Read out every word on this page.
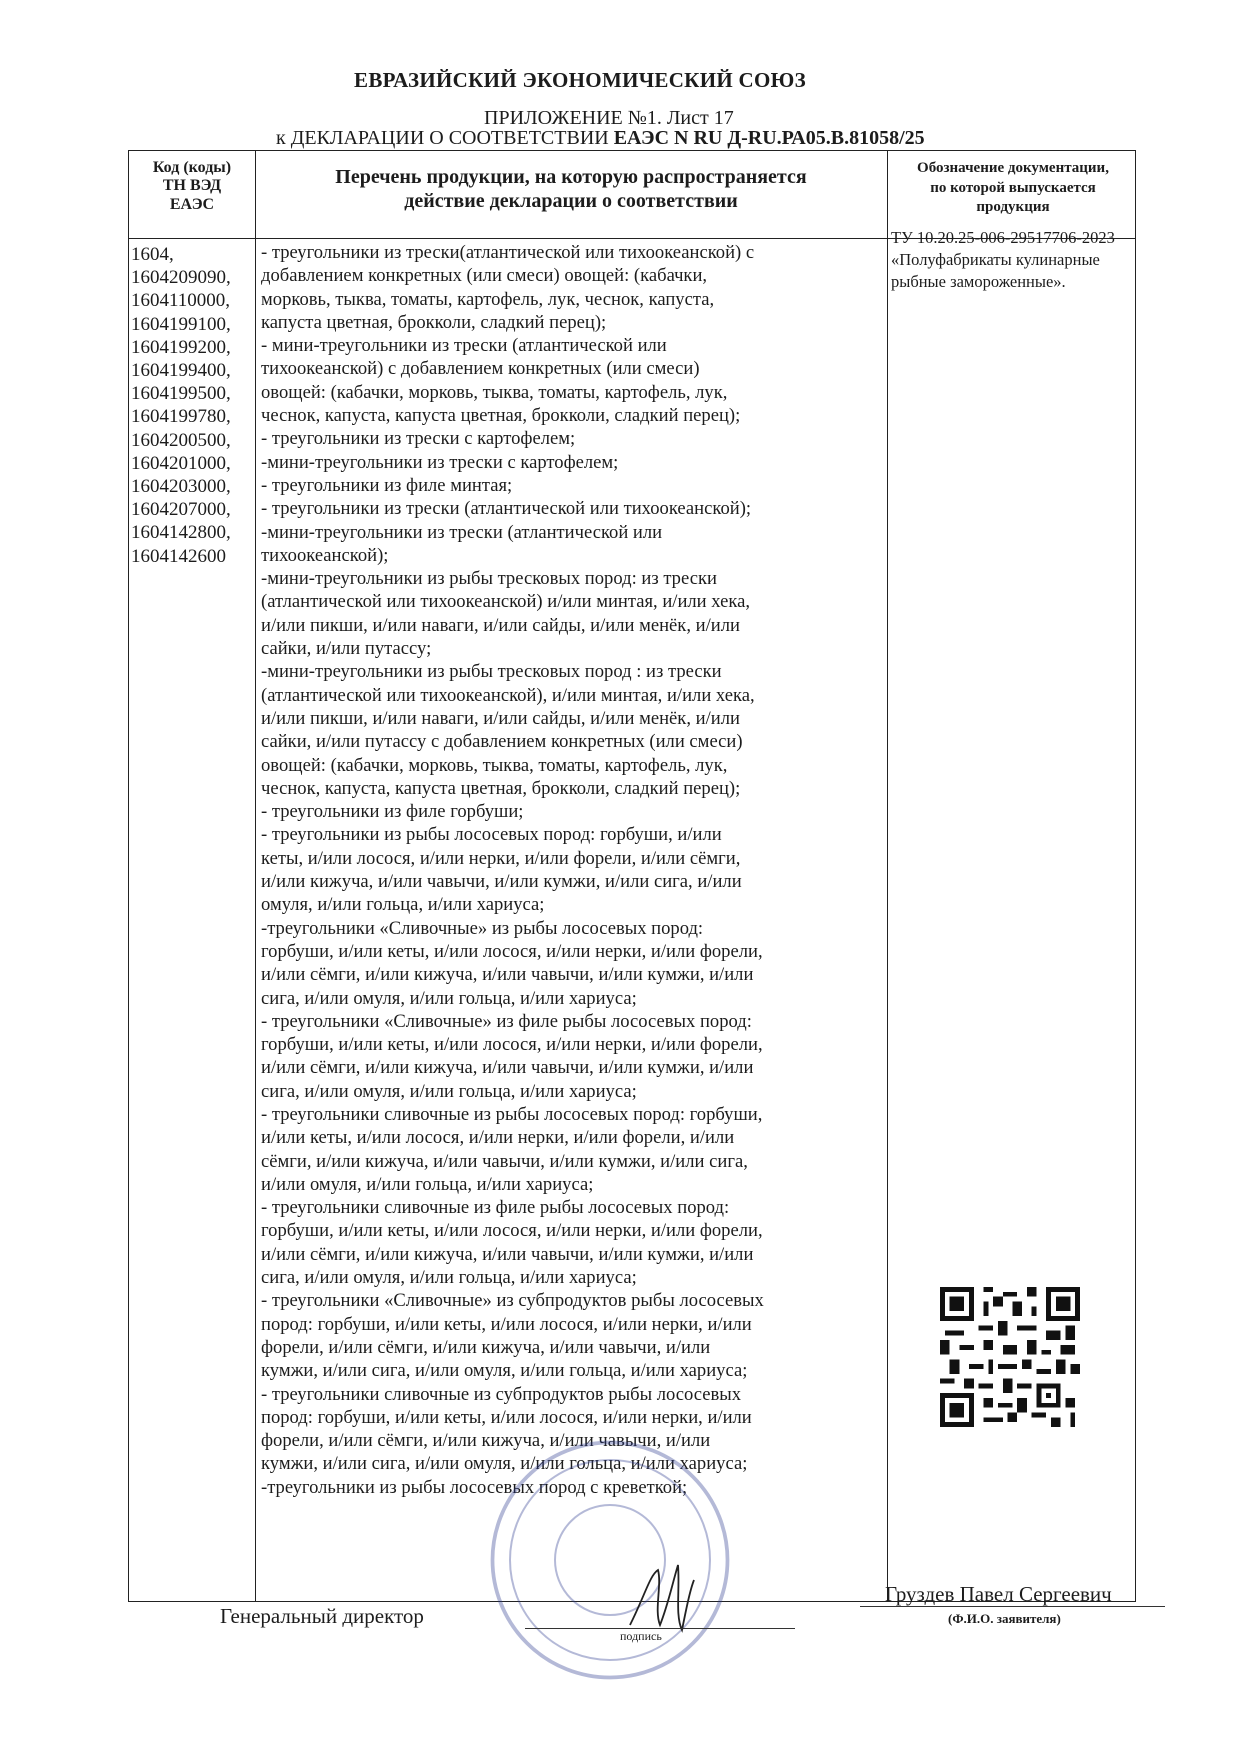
ЕВРАЗИЙСКИЙ ЭКОНОМИЧЕСКИЙ СОЮЗ
ПРИЛОЖЕНИЕ №1. Лист 17
к ДЕКЛАРАЦИИ О СООТВЕТСТВИИ ЕАЭС N RU Д-RU.РА05.В.81058/25
Код (коды)
ТН ВЭД
ЕАЭС
Перечень продукции, на которую распространяется
действие декларации о соответствии
Обозначение документации,
по которой выпускается
продукция
1604,
1604209090,
1604110000,
1604199100,
1604199200,
1604199400,
1604199500,
1604199780,
1604200500,
1604201000,
1604203000,
1604207000,
1604142800,
1604142600
- треугольники из трески(атлантической или тихоокеанской) с
добавлением конкретных (или смеси) овощей: (кабачки,
морковь, тыква, томаты, картофель, лук, чеснок, капуста,
капуста цветная, брокколи, сладкий перец);
- мини-треугольники из трески (атлантической или
тихоокеанской) с добавлением конкретных (или смеси)
овощей: (кабачки, морковь, тыква, томаты, картофель, лук,
чеснок, капуста, капуста цветная, брокколи, сладкий перец);
- треугольники из трески с картофелем;
-мини-треугольники из трески с картофелем;
- треугольники из филе минтая;
- треугольники из трески (атлантической или тихоокеанской);
-мини-треугольники из трески (атлантической или
тихоокеанской);
-мини-треугольники из рыбы тресковых пород: из трески
(атлантической или тихоокеанской) и/или минтая, и/или хека,
и/или пикши, и/или наваги, и/или сайды, и/или менёк, и/или
сайки, и/или путассу;
-мини-треугольники из рыбы тресковых пород : из трески
(атлантической или тихоокеанской), и/или минтая, и/или хека,
и/или пикши, и/или наваги, и/или сайды, и/или менёк, и/или
сайки, и/или путассу с добавлением конкретных (или смеси)
овощей: (кабачки, морковь, тыква, томаты, картофель, лук,
чеснок, капуста, капуста цветная, брокколи, сладкий перец);
- треугольники из филе горбуши;
- треугольники из рыбы лососевых пород: горбуши, и/или
кеты, и/или лосося, и/или нерки, и/или форели, и/или сёмги,
и/или кижуча, и/или чавычи, и/или кумжи, и/или сига, и/или
омуля, и/или гольца, и/или хариуса;
-треугольники «Сливочные» из рыбы лососевых пород:
горбуши, и/или кеты, и/или лосося, и/или нерки, и/или форели,
и/или сёмги, и/или кижуча, и/или чавычи, и/или кумжи, и/или
сига, и/или омуля, и/или гольца, и/или хариуса;
- треугольники «Сливочные» из филе рыбы лососевых пород:
горбуши, и/или кеты, и/или лосося, и/или нерки, и/или форели,
и/или сёмги, и/или кижуча, и/или чавычи, и/или кумжи, и/или
сига, и/или омуля, и/или гольца, и/или хариуса;
- треугольники сливочные из рыбы лососевых пород: горбуши,
и/или кеты, и/или лосося, и/или нерки, и/или форели, и/или
сёмги, и/или кижуча, и/или чавычи, и/или кумжи, и/или сига,
и/или омуля, и/или гольца, и/или хариуса;
- треугольники сливочные из филе рыбы лососевых пород:
горбуши, и/или кеты, и/или лосося, и/или нерки, и/или форели,
и/или сёмги, и/или кижуча, и/или чавычи, и/или кумжи, и/или
сига, и/или омуля, и/или гольца, и/или хариуса;
- треугольники «Сливочные» из субпродуктов рыбы лососевых
пород: горбуши, и/или кеты, и/или лосося, и/или нерки, и/или
форели, и/или сёмги, и/или кижуча, и/или чавычи, и/или
кумжи, и/или сига, и/или омуля, и/или гольца, и/или хариуса;
- треугольники сливочные из субпродуктов рыбы лососевых
пород: горбуши, и/или кеты, и/или лосося, и/или нерки, и/или
форели, и/или сёмги, и/или кижуча, и/или чавычи, и/или
кумжи, и/или сига, и/или омуля, и/или гольца, и/или хариуса;
-треугольники из рыбы лососевых пород с креветкой;
ТУ 10.20.25-006-29517706-2023
«Полуфабрикаты кулинарные
рыбные замороженные».
Генеральный директор
подпись
Груздев Павел Сергеевич
(Ф.И.О. заявителя)
